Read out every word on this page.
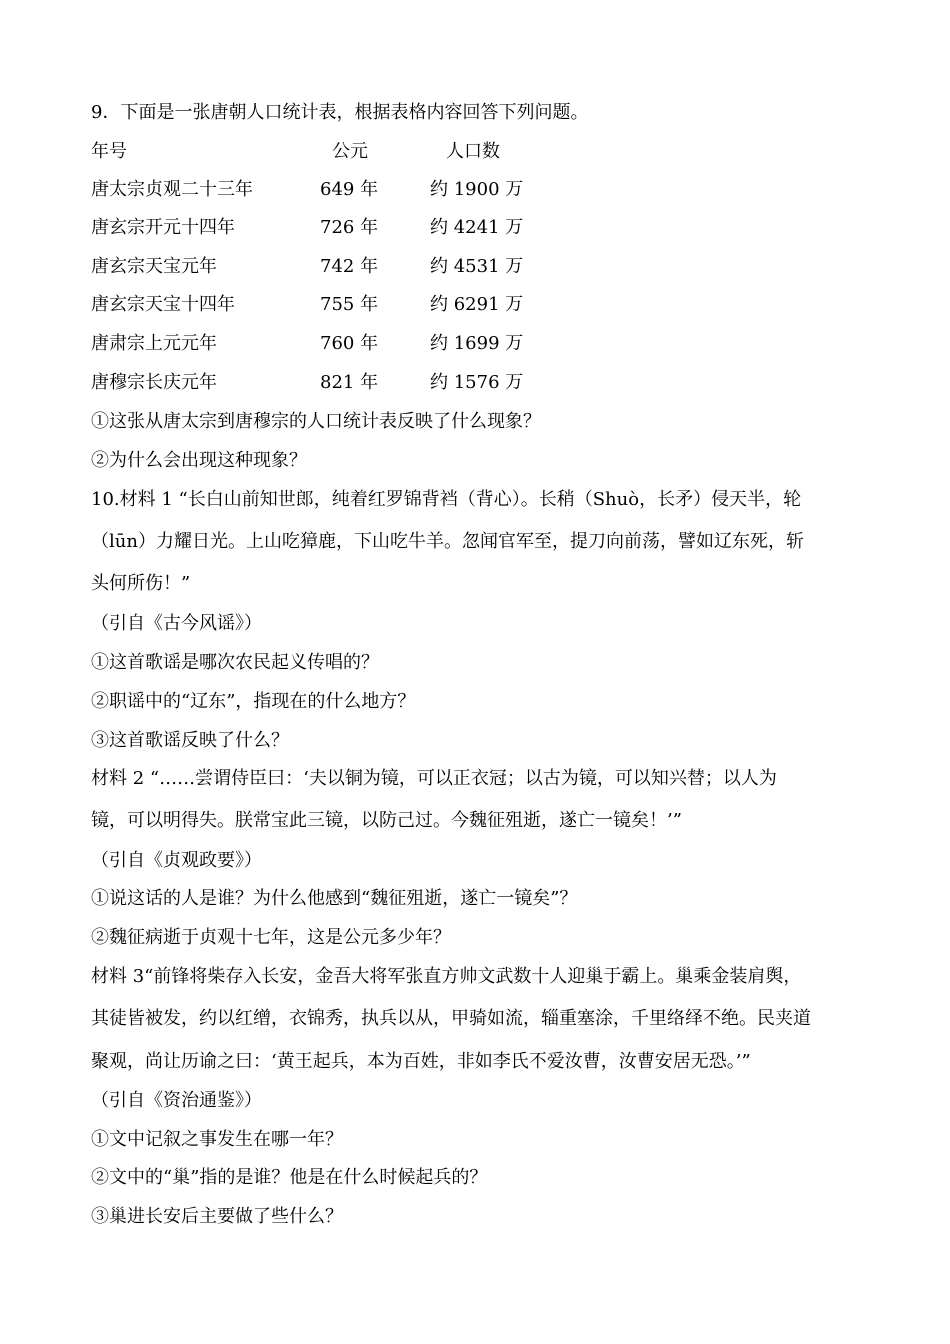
9．下面是一张唐朝人口统计表，根据表格内容回答下列问题。
年号	公元	人口数
唐太宗贞观二十三年	649 年	约 1900 万
唐玄宗开元十四年	726 年	约 4241 万
唐玄宗天宝元年	742 年	约 4531 万
唐玄宗天宝十四年	755 年	约 6291 万
唐肃宗上元元年	760 年	约 1699 万
唐穆宗长庆元年	821 年	约 1576 万
①这张从唐太宗到唐穆宗的人口统计表反映了什么现象？
②为什么会出现这种现象？
10.材料 1 “长白山前知世郎，纯着红罗锦背裆（背心）。长稍（Shuò，长矛）侵天半，轮
（lūn）力耀日光。上山吃獐鹿，下山吃牛羊。忽闻官军至，提刀向前荡，譬如辽东死，斩
头何所伤！”
（引自《古今风谣》）
①这首歌谣是哪次农民起义传唱的？
②职谣中的“辽东”，指现在的什么地方？
③这首歌谣反映了什么？
材料 2 “……尝谓侍臣曰：‘夫以铜为镜，可以正衣冠；以古为镜，可以知兴替；以人为
镜，可以明得失。朕常宝此三镜，以防己过。今魏征殂逝，遂亡一镜矣！’”
（引自《贞观政要》）
①说这话的人是谁？为什么他感到“魏征殂逝，遂亡一镜矣”？
②魏征病逝于贞观十七年，这是公元多少年？
材料 3“前锋将柴存入长安，金吾大将军张直方帅文武数十人迎巢于霸上。巢乘金装肩舆，
其徒皆被发，约以红缯，衣锦秀，执兵以从，甲骑如流，辎重塞涂，千里络绎不绝。民夹道
聚观，尚让历谕之曰：‘黄王起兵，本为百姓，非如李氏不爱汝曹，汝曹安居无恐。’”
（引自《资治通鉴》）
①文中记叙之事发生在哪一年？
②文中的“巢”指的是谁？他是在什么时候起兵的？
③巢进长安后主要做了些什么？
